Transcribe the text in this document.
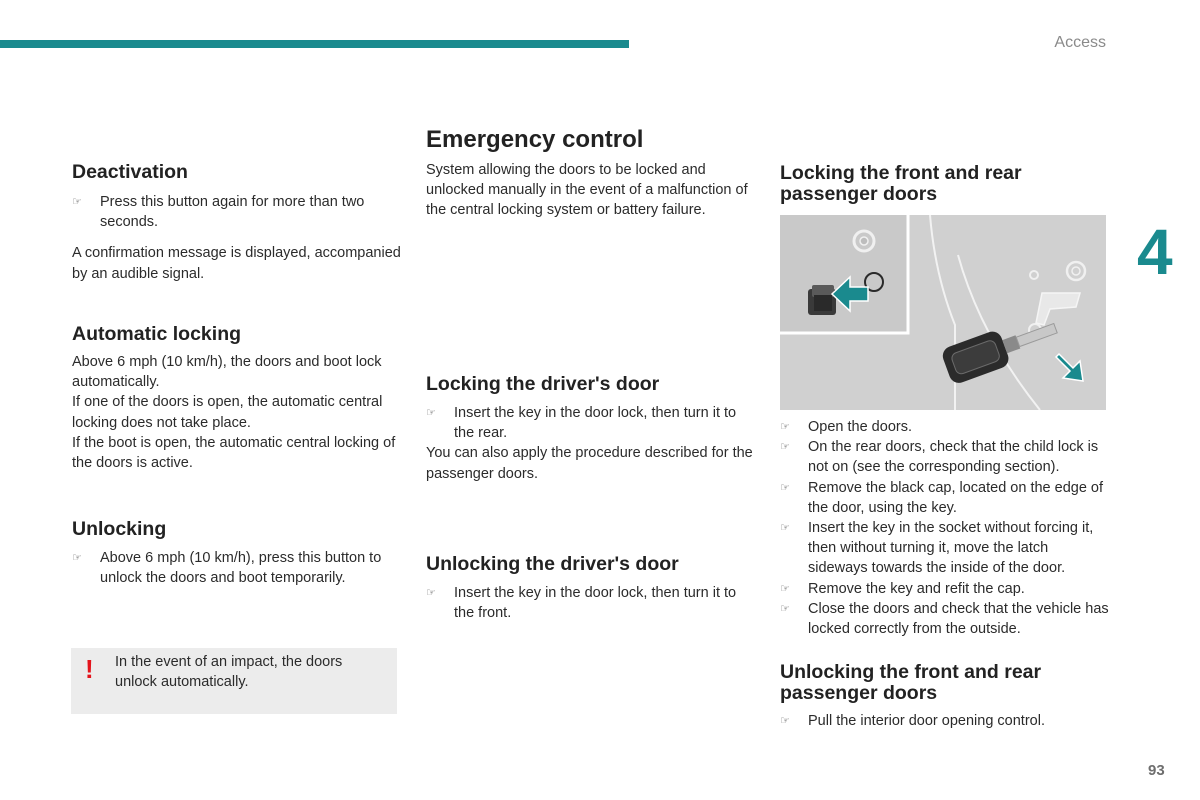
Access
4
93
Deactivation
☞ Press this button again for more than two seconds.

A confirmation message is displayed, accompanied by an audible signal.

Automatic locking

Above 6 mph (10 km/h), the doors and boot lock automatically.

If one of the doors is open, the automatic central locking does not take place.

If the boot is open, the automatic central locking of the doors is active.

Unlocking
☞ Above 6 mph (10 km/h), press this button to unlock the doors and boot temporarily.
! In the event of an impact, the doors unlock automatically.

Emergency control

System allowing the doors to be locked and unlocked manually in the event of a malfunction of the central locking system or battery failure.

Locking the driver's door
☞ Insert the key in the door lock, then turn it to the rear.

You can also apply the procedure described for the passenger doors.

Unlocking the driver's door
☞ Insert the key in the door lock, then turn it to the front.
Locking the front and rear
passenger doors
☞ Open the doors.
☞ On the rear doors, check that the child lock is not on (see the corresponding section).
☞ Remove the black cap, located on the edge of the door, using the key.
☞ Insert the key in the socket without forcing it, then without turning it, move the latch sideways towards the inside of the door.
☞ Remove the key and refit the cap.
☞ Close the doors and check that the vehicle has locked correctly from the outside.
Unlocking the front and rear
passenger doors
☞ Pull the interior door opening control.
